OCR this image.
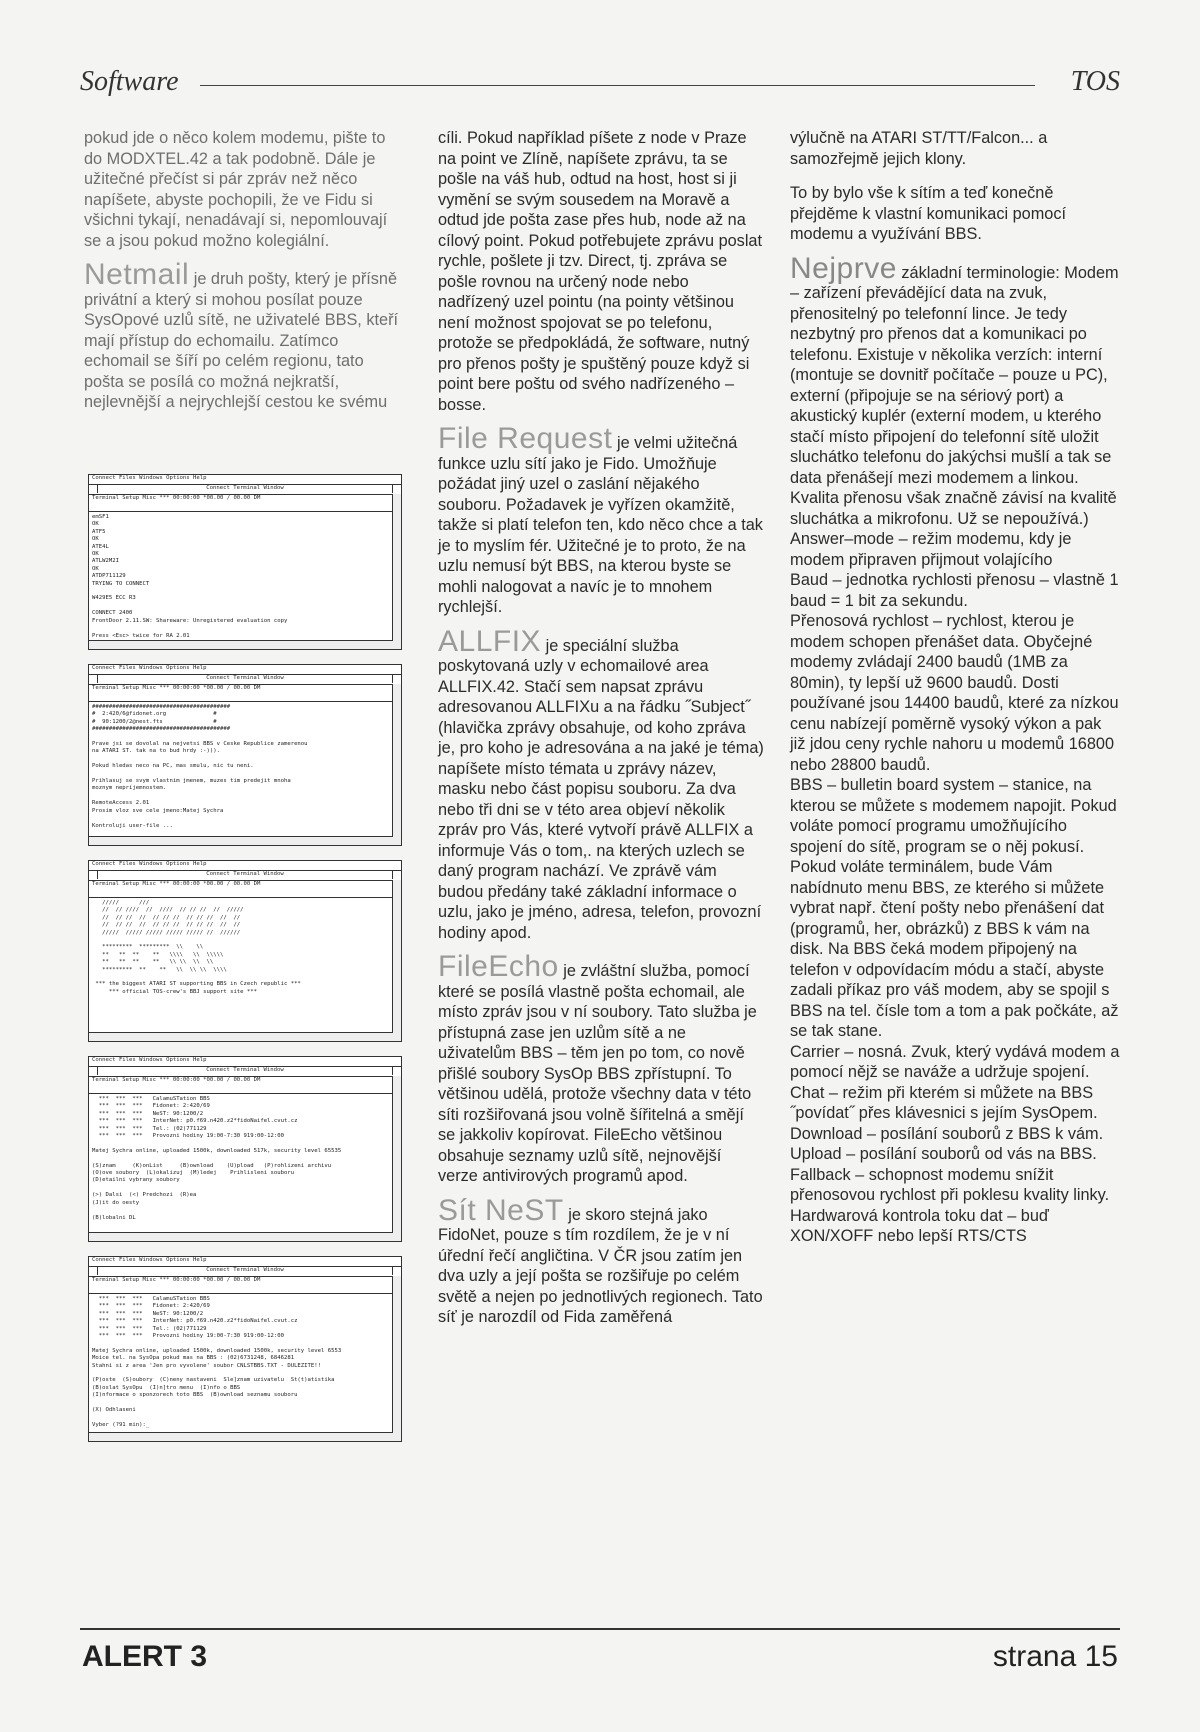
Software	TOS

pokud jde o něco kolem modemu, pište to do MODXTEL.42 a tak podobně. Dále je užitečné přečíst si pár zpráv než něco napíšete, abyste pochopili, že ve Fidu si všichni tykají, nenadávají si, nepomlouvají se a jsou pokud možno kolegiální.

Netmail je druh pošty, který je přísně privátní a který si mohou posílat pouze SysOpové uzlů sítě, ne uživatelé BBS, kteří mají přístup do echomailu. Zatímco echomail se šíří po celém regionu, tato pošta se posílá co možná nejkratší, nejlevnější a nejrychlejší cestou ke svému

Connect Files Windows Options Help
Connect Terminal Window
Terminal Setup Misc *** 00:00:00 *00.00 / 00.00 DM
emSF1
OK
ATF5
OK
ATE4L
OK
ATLW2M2I
OK
ATDP711129
TRYING TO CONNECT

W429E5 ECC R3

CONNECT 2400
FrontDoor 2.11.SW: Shareware: Unregistered evaluation copy

Press <Esc> twice for RA 2.01
Connect Files Windows Options Help
Connect Terminal Window
Terminal Setup Misc *** 00:00:00 *00.00 / 00.00 DM
#########################################
#  2:420/6@fidonet.org              #
#  90:1200/2@nest.fts               #
#########################################

Prave jsi se dovolal na nejvetsi BBS v Ceske Republice zamerenou
na ATARI ST. tak na to bud hrdy :-))).

Pokud hledas neco na PC, mas smulu, nic tu neni.

Prihlasuj se svym vlastnim jmenem, muzes tim predejit mnoha
moznym nepríjemnostem.

RemoteAccess 2.01
Prosim vloz sve cele jmeno:Matej Sychra

Kontroluji user-file ...

Connect Files Windows Options Help
Connect Terminal Window
Terminal Setup Misc *** 00:00:00 *00.00 / 00.00 DM
/////      ///
//  // ////  //  ////  // // //  //  /////
//  // //  //  // // //  // // //  //  //
//  // //  //  // // //  // // //  //  //
/////  ///// ///// ///// ///// //  //////

*********  *********  \\    \\
**   **  **    **   \\\\   \\  \\\\\
**   **  **    **   \\ \\  \\  \\
*********  **    **   \\  \\ \\  \\\\

*** the biggest ATARI ST supporting BBS in Czech republic ***
*** official TOS-crew's BBJ support site ***
Connect Files Windows Options Help
Connect Terminal Window
Terminal Setup Misc *** 00:00:00 *00.00 / 00.00 DM
***  ***  ***   CalamuSTation BBS
***  ***  ***   Fidonet: 2:420/69
***  ***  ***   NeST: 90:1200/2
***  ***  ***   InterNet: p0.f69.n420.z2*fidoNaifel.cvut.cz
***  ***  ***   Tel.: (02)771129
***  ***  ***   Provozni hodiny 19:00-7:30 919:00-12:00

Matej Sychra online, uploaded 1500k, downloaded 517k, security level 65535

(S)znam     (K)onList     (B)ownload    (U)pload   (P)rohlizeni archivu
(O)ove soubory  (L)okalizuj  (M)ledej    Prihlisleni souboru
(D)etailni vybrany soubory

(>) Dalsi  (<) Predchozi  (R)ea
(J)it do oesty

(B)lobalni DL
Connect Files Windows Options Help
Connect Terminal Window
Terminal Setup Misc *** 00:00:00 *00.00 / 00.00 DM
***  ***  ***   CalamuSTation BBS
***  ***  ***   Fidonet: 2:420/69
***  ***  ***   NeST: 90:1200/2
***  ***  ***   InterNet: p0.f69.n420.z2*fidoNaifel.cvut.cz
***  ***  ***   Tel.: (02)771129
***  ***  ***   Provozni hodiny 19:00-7:30 919:00-12:00

Matej Sychra online, uploaded 1500k, downloaded 1500k, security level 6553
Moice tel. na SysOpa pokud mas na BBS : (02)6731248, 6846281
Stahni si z area 'Jen pro vyvolene' soubor CNLSTBBS.TXT - DULEZITE!!

(P)oste  (S)oubory  (C)neny nastaveni  Sle]znam uzivatelu  St(t)atistika
(B)oslat SysOpu  (I)n]tro menu  (I)nfo o BBS
(I)nformace o sponzorech toto BBS  (B)ownload seznamu souboru

(X) Odhlaseni

Vyber (?91 min):_

cíli. Pokud například píšete z node v Praze na point ve Zlíně, napíšete zprávu, ta se pošle na váš hub, odtud na host, host si ji vymění se svým sousedem na Moravě a odtud jde pošta zase přes hub, node až na cílový point. Pokud potřebujete zprávu poslat rychle, pošlete ji tzv. Direct, tj. zpráva se pošle rovnou na určený node nebo nadřízený uzel pointu (na pointy většinou není možnost spojovat se po telefonu, protože se předpokládá, že software, nutný pro přenos pošty je spuštěný pouze když si point bere poštu od svého nadřízeného – bosse.

File Request je velmi užitečná funkce uzlu sítí jako je Fido. Umožňuje požádat jiný uzel o zaslání nějakého souboru. Požadavek je vyřízen okamžitě, takže si platí telefon ten, kdo něco chce a tak je to myslím fér. Užitečné je to proto, že na uzlu nemusí být BBS, na kterou byste se mohli nalogovat a navíc je to mnohem rychlejší.

ALLFIX je speciální služba poskytovaná uzly v echomailové area ALLFIX.42. Stačí sem napsat zprávu adresovanou ALLFIXu a na řádku ˝Subject˝ (hlavička zprávy obsahuje, od koho zpráva je, pro koho je adresována a na jaké je téma) napíšete místo témata u zprávy název, masku nebo část popisu souboru. Za dva nebo tři dni se v této area objeví několik zpráv pro Vás, které vytvoří právě ALLFIX a informuje Vás o tom,. na kterých uzlech se daný program nachází. Ve zprávě vám budou předány také základní informace o uzlu, jako je jméno, adresa, telefon, provozní hodiny apod.

FileEcho je zvláštní služba, pomocí které se posílá vlastně pošta echomail, ale místo zpráv jsou v ní soubory. Tato služba je přístupná zase jen uzlům sítě a ne uživatelům BBS – těm jen po tom, co nově přišlé soubory SysOp BBS zpřístupní. To většinou udělá, protože všechny data v této síti rozšiřovaná jsou volně šířitelná a smějí se jakkoliv kopírovat. FileEcho většinou obsahuje seznamy uzlů sítě, nejnovější verze antivirových programů apod.

Sít NeST je skoro stejná jako FidoNet, pouze s tím rozdílem, že je v ní úřední řečí angličtina. V ČR jsou zatím jen dva uzly a její pošta se rozšiřuje po celém světě a nejen po jednotlivých regionech. Tato síť je narozdíl od Fida zaměřená

výlučně na ATARI ST/TT/Falcon... a samozřejmě jejich klony.

To by bylo vše k sítím a teď konečně přejděme k vlastní komunikaci pomocí modemu a využívání BBS.

Nejprve základní terminologie: Modem – zařízení převádějící data na zvuk, přenositelný po telefonní lince. Je tedy nezbytný pro přenos dat a komunikaci po telefonu. Existuje v několika verzích: interní (montuje se dovnitř počítače – pouze u PC), externí (připojuje se na sériový port) a akustický kuplér (externí modem, u kterého stačí místo připojení do telefonní sítě uložit sluchátko telefonu do jakýchsi mušlí a tak se data přenášejí mezi modemem a linkou. Kvalita přenosu však značně závisí na kvalitě sluchátka a mikrofonu. Už se nepoužívá.)

Answer–mode – režim modemu, kdy je modem připraven přijmout volajícího
Baud – jednotka rychlosti přenosu – vlastně 1 baud = 1 bit za sekundu.
Přenosová rychlost – rychlost, kterou je modem schopen přenášet data. Obyčejné modemy zvládají 2400 baudů (1MB za 80min), ty lepší už 9600 baudů. Dosti používané jsou 14400 baudů, které za nízkou cenu nabízejí poměrně vysoký výkon a pak již jdou ceny rychle nahoru u modemů 16800 nebo 28800 baudů.
BBS – bulletin board system – stanice, na kterou se můžete s modemem napojit. Pokud voláte pomocí programu umožňujícího spojení do sítě, program se o něj pokusí.
Pokud voláte terminálem, bude Vám nabídnuto menu BBS, ze kterého si můžete vybrat např. čtení pošty nebo přenášení dat (programů, her, obrázků) z BBS k vám na disk. Na BBS čeká modem připojený na telefon v odpovídacím módu a stačí, abyste zadali příkaz pro váš modem, aby se spojil s BBS na tel. čísle tom a tom a pak počkáte, až se tak stane.
Carrier – nosná. Zvuk, který vydává modem a pomocí nějž se naváže a udržuje spojení. Chat – režim při kterém si můžete na BBS ˝povídat˝ přes klávesnici s jejím SysOpem.
Download – posílání souborů z BBS k vám.
Upload – posílání souborů od vás na BBS.
Fallback – schopnost modemu snížit přenosovou rychlost při poklesu kvality linky.
Hardwarová kontrola toku dat – buď XON/XOFF nebo lepší RTS/CTS
ALERT 3	strana 15
